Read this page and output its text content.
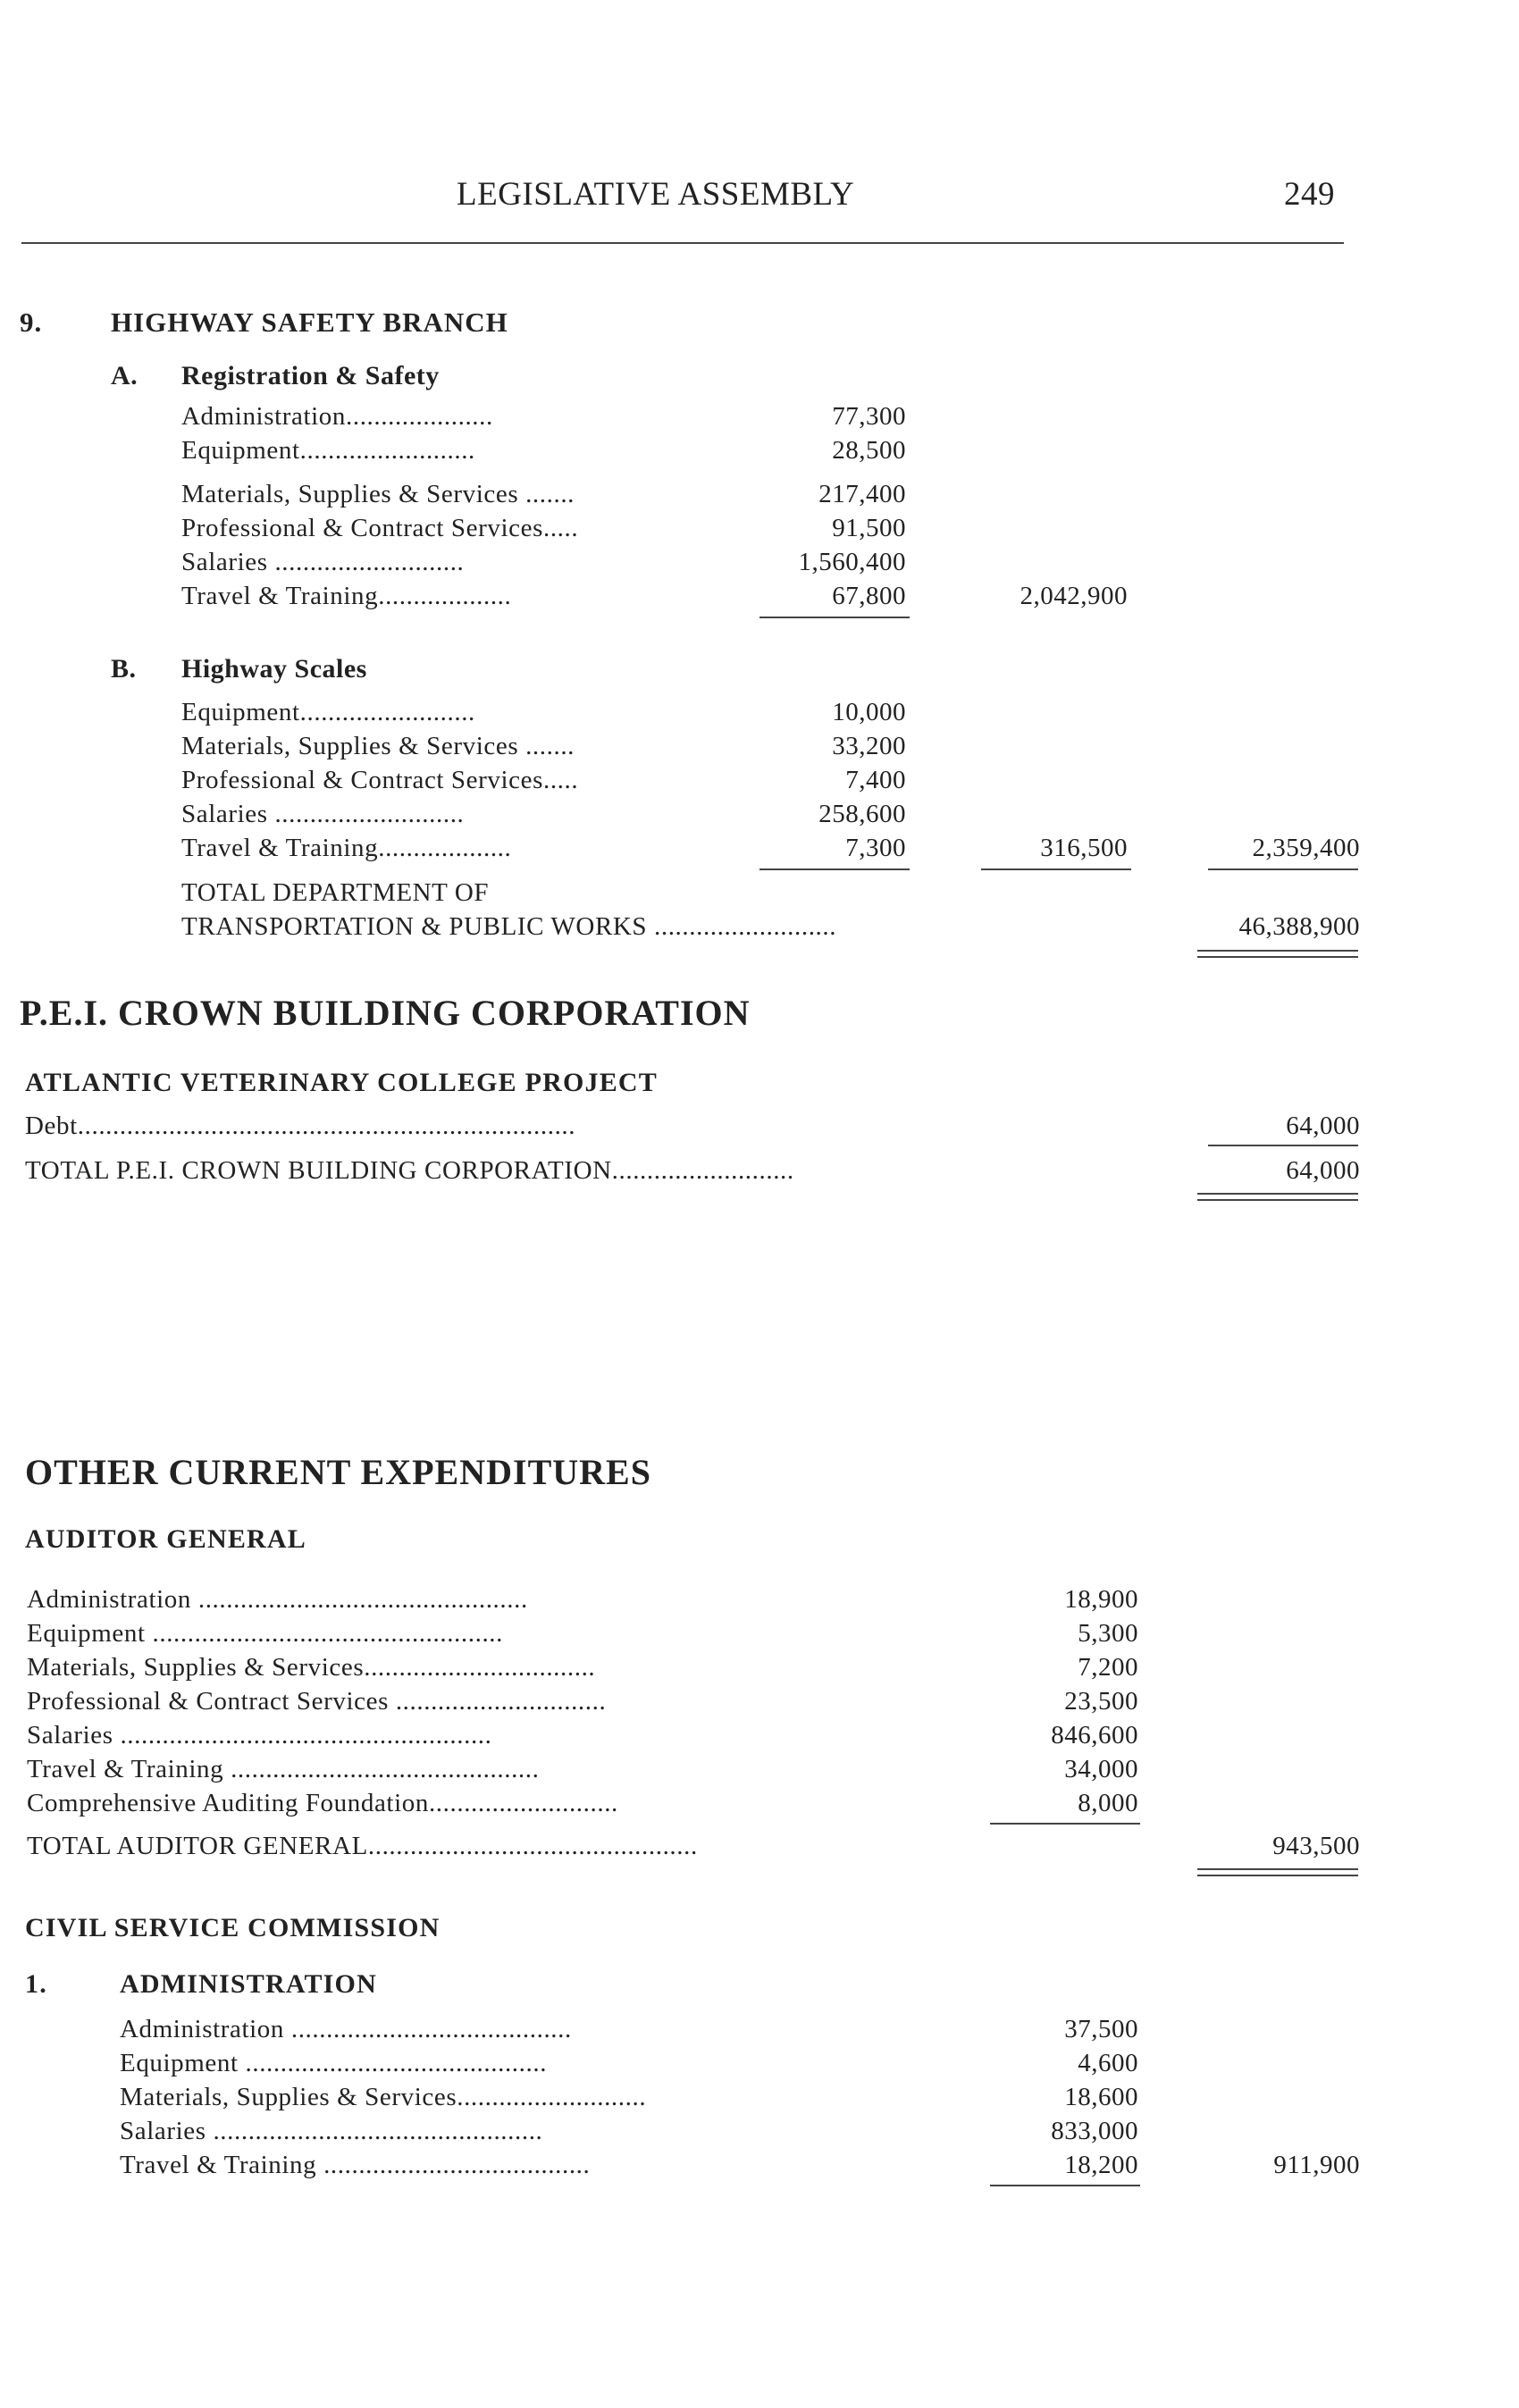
LEGISLATIVE ASSEMBLY	249
9. HIGHWAY SAFETY BRANCH
A. Registration & Safety
Administration.....................	77,300
Equipment.........................	28,500
Materials, Supplies & Services .......	217,400
Professional & Contract Services.....	91,500
Salaries ...........................	1,560,400
Travel & Training...................	67,800	2,042,900
B. Highway Scales
Equipment.........................	10,000
Materials, Supplies & Services .......	33,200
Professional & Contract Services.....	7,400
Salaries ...........................	258,600
Travel & Training...................	7,300	316,500	2,359,400
TOTAL DEPARTMENT OF
TRANSPORTATION & PUBLIC WORKS ..........................	46,388,900
P.E.I. CROWN BUILDING CORPORATION
ATLANTIC VETERINARY COLLEGE PROJECT
Debt.......................................................................	64,000
TOTAL P.E.I. CROWN BUILDING CORPORATION..........................	64,000
OTHER CURRENT EXPENDITURES
AUDITOR GENERAL
Administration ...............................................	18,900
Equipment ..................................................	5,300
Materials, Supplies & Services.................................	7,200
Professional & Contract Services ..............................	23,500
Salaries .....................................................	846,600
Travel & Training ............................................	34,000
Comprehensive Auditing Foundation...........................	8,000
TOTAL AUDITOR GENERAL...............................................	943,500
CIVIL SERVICE COMMISSION
1.	ADMINISTRATION
Administration ........................................	37,500
Equipment ...........................................	4,600
Materials, Supplies & Services...........................	18,600
Salaries ...............................................	833,000
Travel & Training ......................................	18,200	911,900
